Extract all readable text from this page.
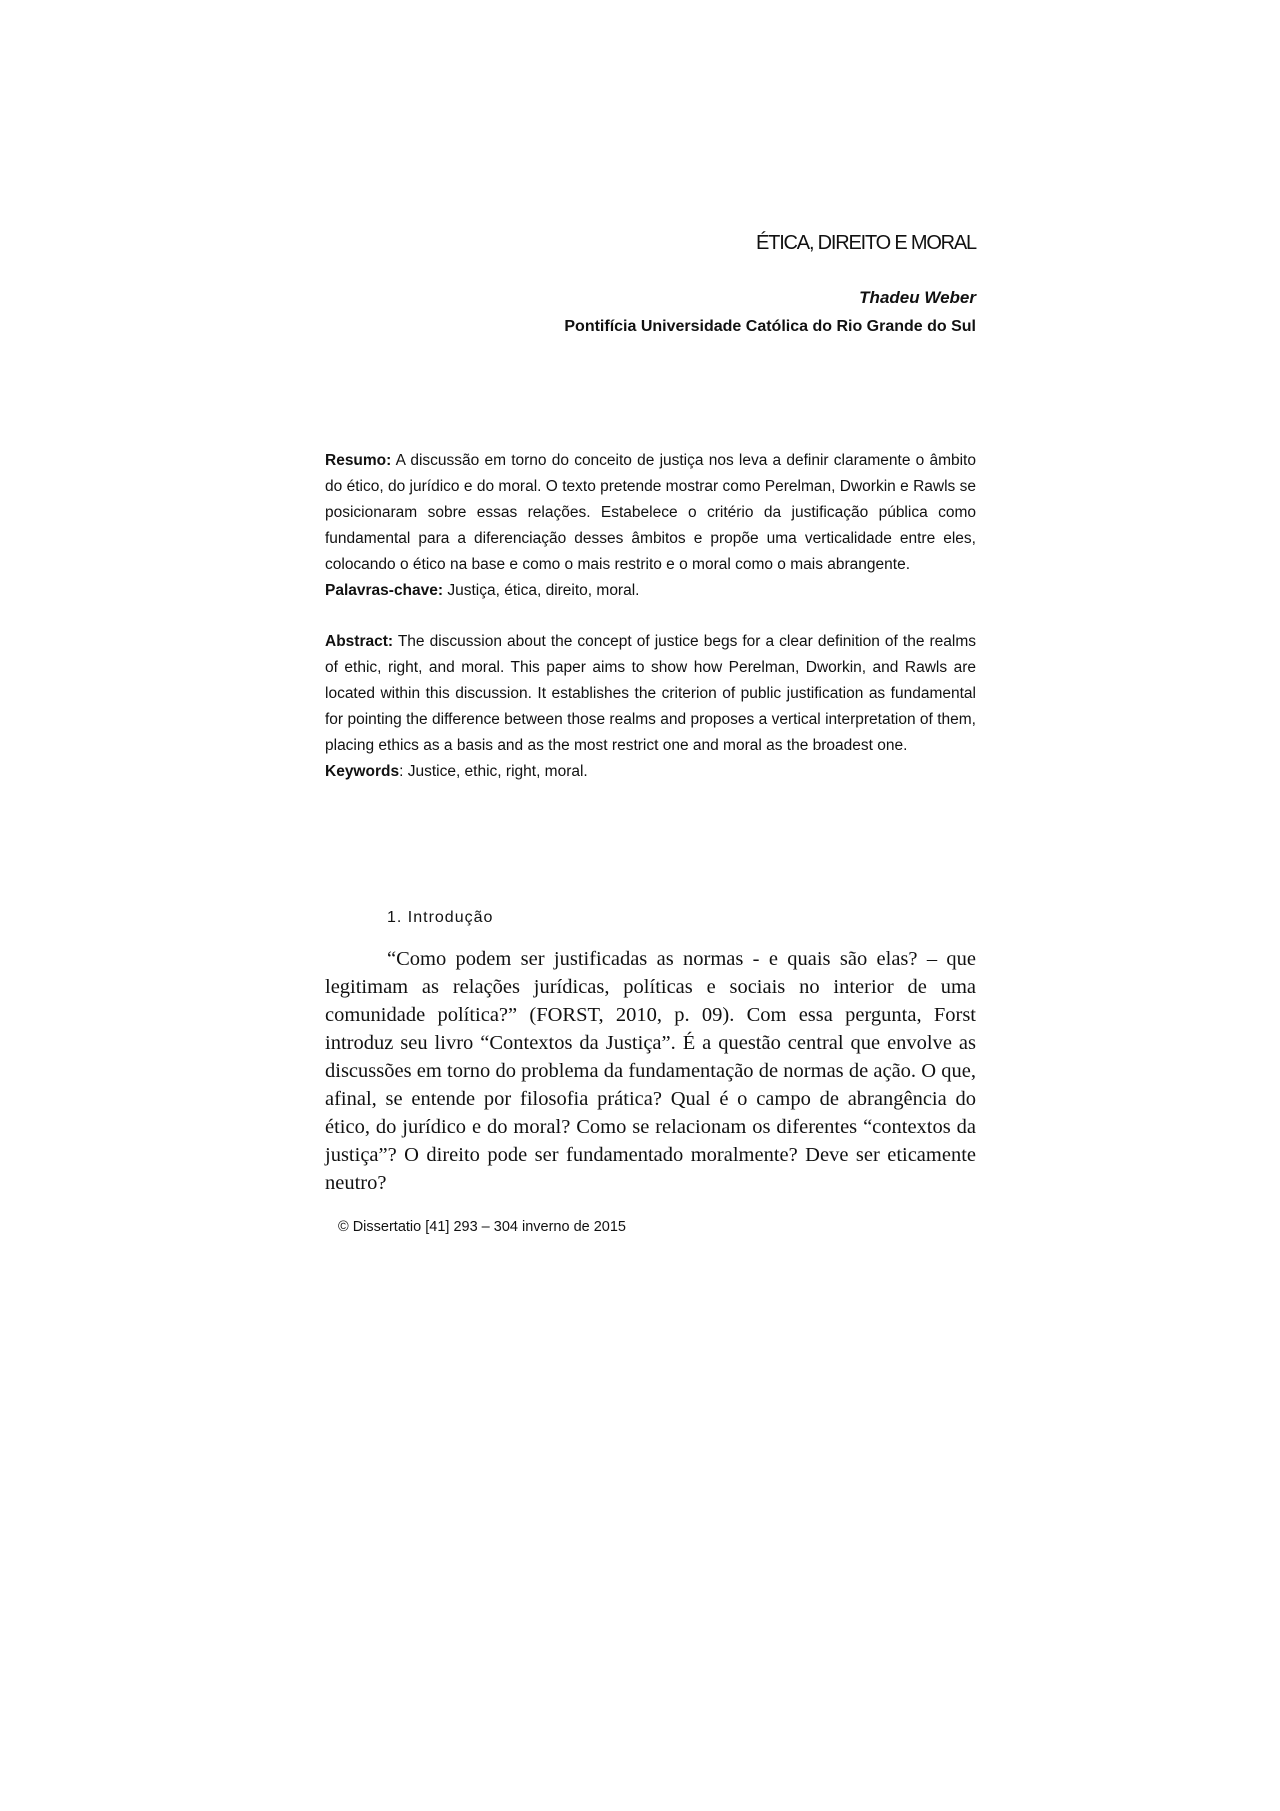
ÉTICA, DIREITO E MORAL
Thadeu Weber
Pontifícia Universidade Católica do Rio Grande do Sul

Resumo: A discussão em torno do conceito de justiça nos leva a definir claramente o âmbito do ético, do jurídico e do moral. O texto pretende mostrar como Perelman, Dworkin e Rawls se posicionaram sobre essas relações. Estabelece o critério da justificação pública como fundamental para a diferenciação desses âmbitos e propõe uma verticalidade entre eles, colocando o ético na base e como o mais restrito e o moral como o mais abrangente.

Palavras-chave: Justiça, ética, direito, moral.

Abstract: The discussion about the concept of justice begs for a clear definition of the realms of ethic, right, and moral. This paper aims to show how Perelman, Dworkin, and Rawls are located within this discussion. It establishes the criterion of public justification as fundamental for pointing the difference between those realms and proposes a vertical interpretation of them, placing ethics as a basis and as the most restrict one and moral as the broadest one.

Keywords: Justice, ethic, right, moral.

1. Introdução

“Como podem ser justificadas as normas - e quais são elas? – que legitimam as relações jurídicas, políticas e sociais no interior de uma comunidade política?” (FORST, 2010, p. 09). Com essa pergunta, Forst introduz seu livro “Contextos da Justiça”. É a questão central que envolve as discussões em torno do problema da fundamentação de normas de ação. O que, afinal, se entende por filosofia prática? Qual é o campo de abrangência do ético, do jurídico e do moral? Como se relacionam os diferentes “contextos da justiça”? O direito pode ser fundamentado moralmente? Deve ser eticamente neutro?

© Dissertatio [41] 293 – 304 inverno de 2015
